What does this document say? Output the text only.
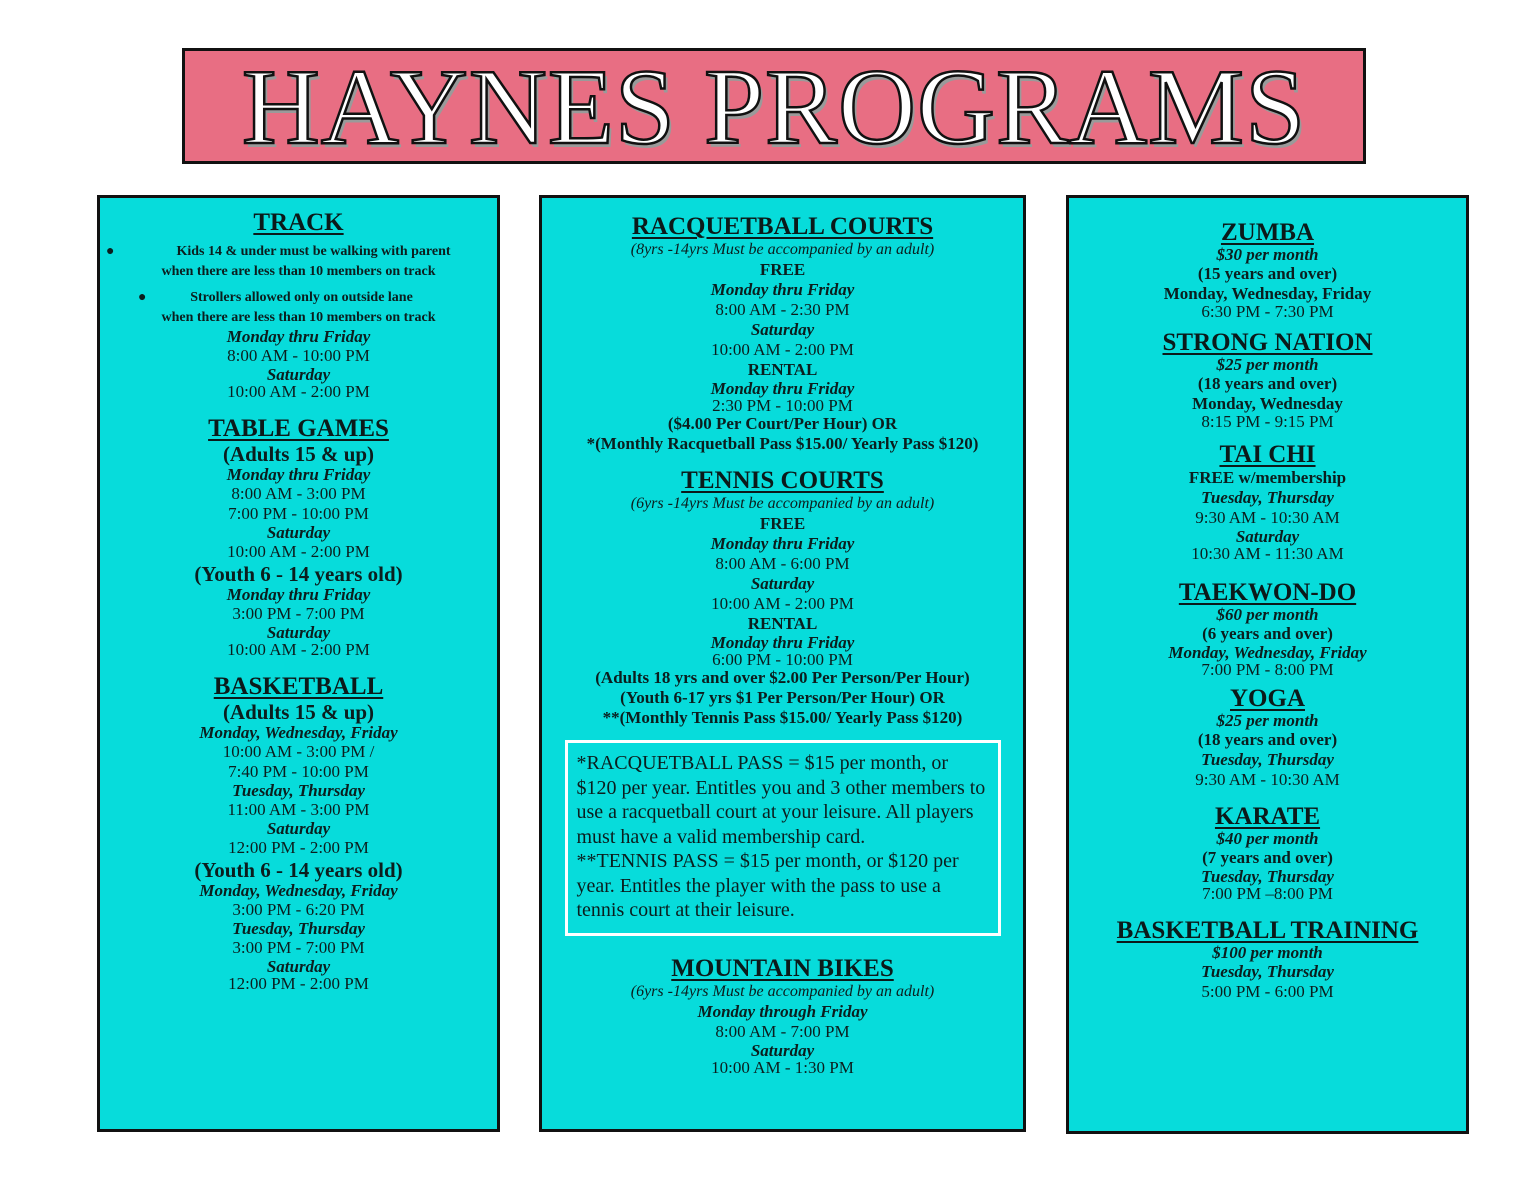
HAYNES PROGRAMS
TRACK
●	Kids 14 & under must be walking with parent
when there are less than 10 members on track
●	Strollers allowed only on outside lane
when there are less than 10 members on track
Monday thru Friday
8:00 AM - 10:00 PM
Saturday
10:00 AM - 2:00 PM
TABLE GAMES
(Adults 15 & up)
Monday thru Friday
8:00 AM - 3:00 PM
7:00 PM - 10:00 PM
Saturday
10:00 AM - 2:00 PM
(Youth 6 - 14 years old)
Monday thru Friday
3:00 PM - 7:00 PM
Saturday
10:00 AM - 2:00 PM
BASKETBALL
(Adults 15 & up)
Monday, Wednesday, Friday
10:00 AM - 3:00 PM /
7:40 PM - 10:00 PM
Tuesday, Thursday
11:00 AM - 3:00 PM
Saturday
12:00 PM - 2:00 PM
(Youth 6 - 14 years old)
Monday, Wednesday, Friday
3:00 PM - 6:20 PM
Tuesday, Thursday
3:00 PM - 7:00 PM
Saturday
12:00 PM - 2:00 PM
RACQUETBALL COURTS
(8yrs -14yrs Must be accompanied by an adult)
FREE
Monday thru Friday
8:00 AM - 2:30 PM
Saturday
10:00 AM - 2:00 PM
RENTAL
Monday thru Friday
2:30 PM - 10:00 PM
($4.00 Per Court/Per Hour) OR
*(Monthly Racquetball Pass $15.00/ Yearly Pass $120)
TENNIS COURTS
(6yrs -14yrs Must be accompanied by an adult)
FREE
Monday thru Friday
8:00 AM - 6:00 PM
Saturday
10:00 AM - 2:00 PM
RENTAL
Monday thru Friday
6:00 PM - 10:00 PM
(Adults 18 yrs and over $2.00 Per Person/Per Hour)
(Youth 6-17 yrs $1 Per Person/Per Hour) OR
**(Monthly Tennis Pass $15.00/ Yearly Pass $120)
*RACQUETBALL PASS = $15 per month, or $120 per year. Entitles you and 3 other members to use a racquetball court at your leisure. All players must have a valid membership card.
**TENNIS PASS = $15 per month, or $120 per year. Entitles the player with the pass to use a tennis court at their leisure.
MOUNTAIN BIKES
(6yrs -14yrs Must be accompanied by an adult)
Monday through Friday
8:00 AM - 7:00 PM
Saturday
10:00 AM - 1:30 PM
ZUMBA
$30 per month
(15 years and over)
Monday, Wednesday, Friday
6:30 PM - 7:30 PM
STRONG NATION
$25 per month
(18 years and over)
Monday, Wednesday
8:15 PM - 9:15 PM
TAI CHI
FREE w/membership
Tuesday, Thursday
9:30 AM - 10:30 AM
Saturday
10:30 AM - 11:30 AM
TAEKWON-DO
$60 per month
(6 years and over)
Monday, Wednesday, Friday
7:00 PM - 8:00 PM
YOGA
$25 per month
(18 years and over)
Tuesday, Thursday
9:30 AM - 10:30 AM
KARATE
$40 per month
(7 years and over)
Tuesday, Thursday
7:00 PM –8:00 PM
BASKETBALL TRAINING
$100 per month
Tuesday, Thursday
5:00 PM - 6:00 PM
